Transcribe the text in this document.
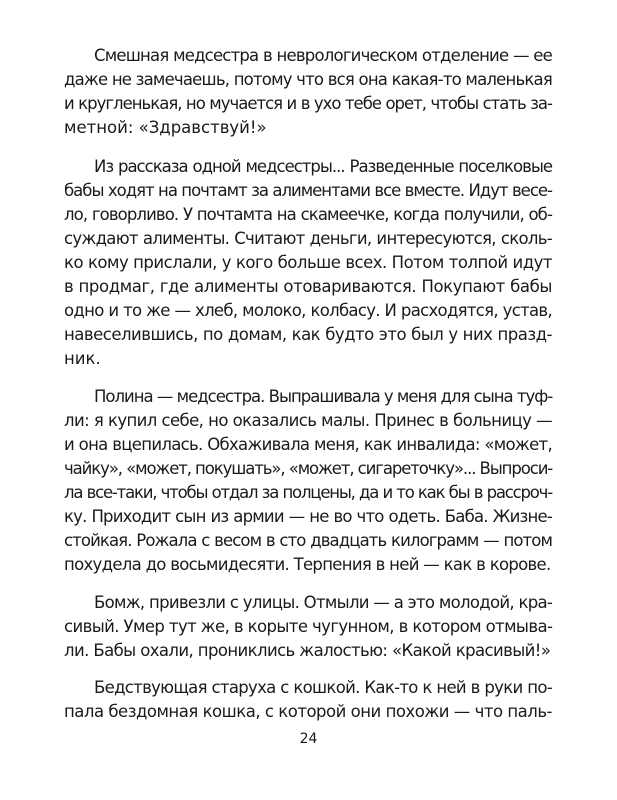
Смешная медсестра в неврологическом отделение — ее

даже не замечаешь, потому что вся она какая-то маленькая

и кругленькая, но мучается и в ухо тебе орет, чтобы стать за-

метной: «Здравствуй!»

Из рассказа одной медсестры... Разведенные поселковые

бабы ходят на почтамт за алиментами все вместе. Идут весе-

ло, говорливо. У почтамта на скамеечке, когда получили, об-

суждают алименты. Считают деньги, интересуются, сколь-

ко кому прислали, у кого больше всех. Потом толпой идут

в продмаг, где алименты отовариваются. Покупают бабы

одно и то же — хлеб, молоко, колбасу. И расходятся, устав,

навеселившись, по домам, как будто это был у них празд-

ник.

Полина — медсестра. Выпрашивала у меня для сына туф-

ли: я купил себе, но оказались малы. Принес в больницу —

и она вцепилась. Обхаживала меня, как инвалида: «может,

чайку», «может, покушать», «может, сигареточку»... Выпроси-

ла все-таки, чтобы отдал за полцены, да и то как бы в рассроч-

ку. Приходит сын из армии — не во что одеть. Баба. Жизне-

стойкая. Рожала с весом в сто двадцать килограмм — потом

похудела до восьмидесяти. Терпения в ней — как в корове.

Бомж, привезли с улицы. Отмыли — а это молодой, кра-

сивый. Умер тут же, в корыте чугунном, в котором отмыва-

ли. Бабы охали, прониклись жалостью: «Какой красивый!»

Бедствующая старуха с кошкой. Как-то к ней в руки по-

пала бездомная кошка, с которой они похожи — что паль-

24
